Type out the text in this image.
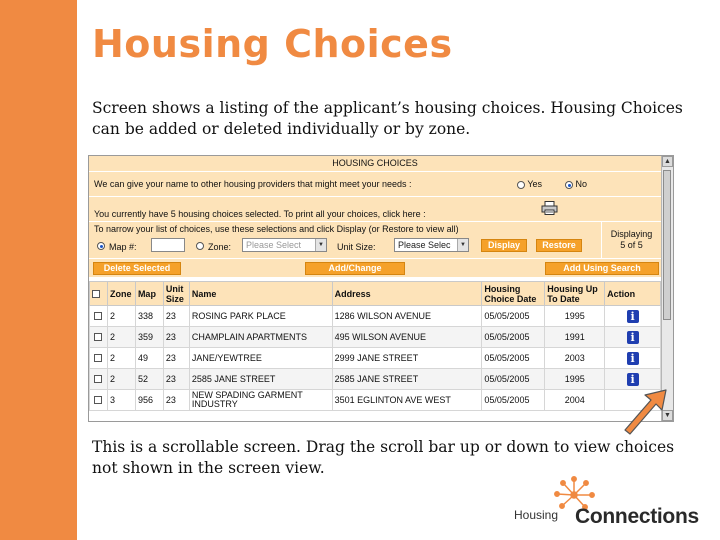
Housing Choices
Screen shows a listing of the applicant’s housing choices. Housing Choices can be added or deleted individually or by zone.
HOUSING CHOICES
We can give your name to other housing providers that might meet your needs :	Yes	No
You currently have 5 housing choices selected. To print all your choices, click here :
To narrow your list of choices, use these selections and click Display (or Restore to view all)	Displaying
5 of 5
Map #:	Zone:	Please Select	▼ Unit Size:	Please Selec	▼	Display	Restore
Delete Selected	Add/Change	Add Using Search
	Zone	Map	Unit Size	Name	Address	Housing Choice Date	Housing Up To Date	Action
	2	338	23	ROSING PARK PLACE	1286 WILSON AVENUE	05/05/2005	1995	i
	2	359	23	CHAMPLAIN APARTMENTS	495 WILSON AVENUE	05/05/2005	1991	i
	2	49	23	JANE/YEWTREE	2999 JANE STREET	05/05/2005	2003	i
	2	52	23	2585 JANE STREET	2585 JANE STREET	05/05/2005	1995	i
	3	956	23	NEW SPADING GARMENT INDUSTRY	3501 EGLINTON AVE WEST	05/05/2005	2004	
▲
▼
This is a scrollable screen. Drag the scroll bar up or down to view choices not shown in the screen view.
Housing Connections
